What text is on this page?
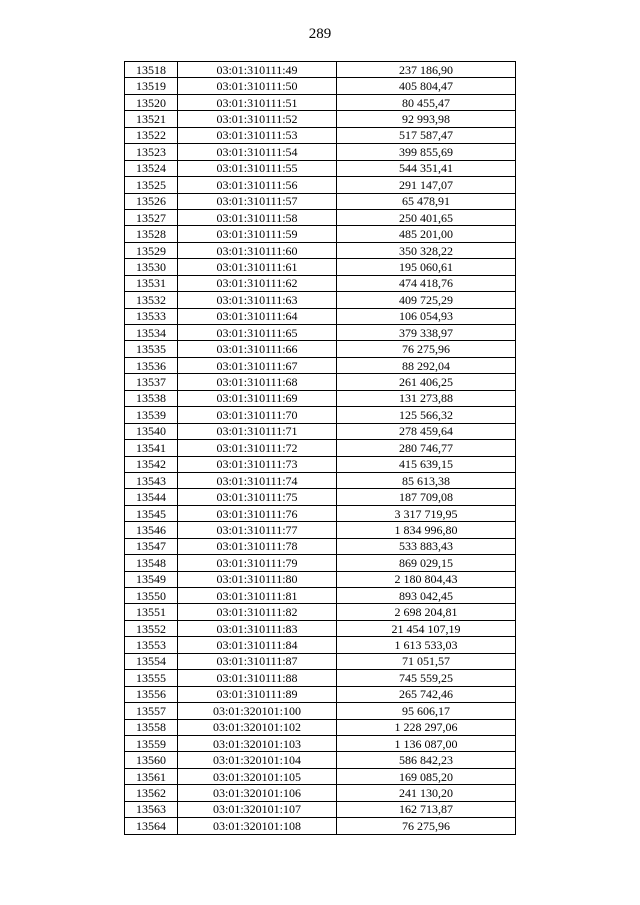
289
13518	03:01:310111:49	237 186,90
13519	03:01:310111:50	405 804,47
13520	03:01:310111:51	80 455,47
13521	03:01:310111:52	92 993,98
13522	03:01:310111:53	517 587,47
13523	03:01:310111:54	399 855,69
13524	03:01:310111:55	544 351,41
13525	03:01:310111:56	291 147,07
13526	03:01:310111:57	65 478,91
13527	03:01:310111:58	250 401,65
13528	03:01:310111:59	485 201,00
13529	03:01:310111:60	350 328,22
13530	03:01:310111:61	195 060,61
13531	03:01:310111:62	474 418,76
13532	03:01:310111:63	409 725,29
13533	03:01:310111:64	106 054,93
13534	03:01:310111:65	379 338,97
13535	03:01:310111:66	76 275,96
13536	03:01:310111:67	88 292,04
13537	03:01:310111:68	261 406,25
13538	03:01:310111:69	131 273,88
13539	03:01:310111:70	125 566,32
13540	03:01:310111:71	278 459,64
13541	03:01:310111:72	280 746,77
13542	03:01:310111:73	415 639,15
13543	03:01:310111:74	85 613,38
13544	03:01:310111:75	187 709,08
13545	03:01:310111:76	3 317 719,95
13546	03:01:310111:77	1 834 996,80
13547	03:01:310111:78	533 883,43
13548	03:01:310111:79	869 029,15
13549	03:01:310111:80	2 180 804,43
13550	03:01:310111:81	893 042,45
13551	03:01:310111:82	2 698 204,81
13552	03:01:310111:83	21 454 107,19
13553	03:01:310111:84	1 613 533,03
13554	03:01:310111:87	71 051,57
13555	03:01:310111:88	745 559,25
13556	03:01:310111:89	265 742,46
13557	03:01:320101:100	95 606,17
13558	03:01:320101:102	1 228 297,06
13559	03:01:320101:103	1 136 087,00
13560	03:01:320101:104	586 842,23
13561	03:01:320101:105	169 085,20
13562	03:01:320101:106	241 130,20
13563	03:01:320101:107	162 713,87
13564	03:01:320101:108	76 275,96
